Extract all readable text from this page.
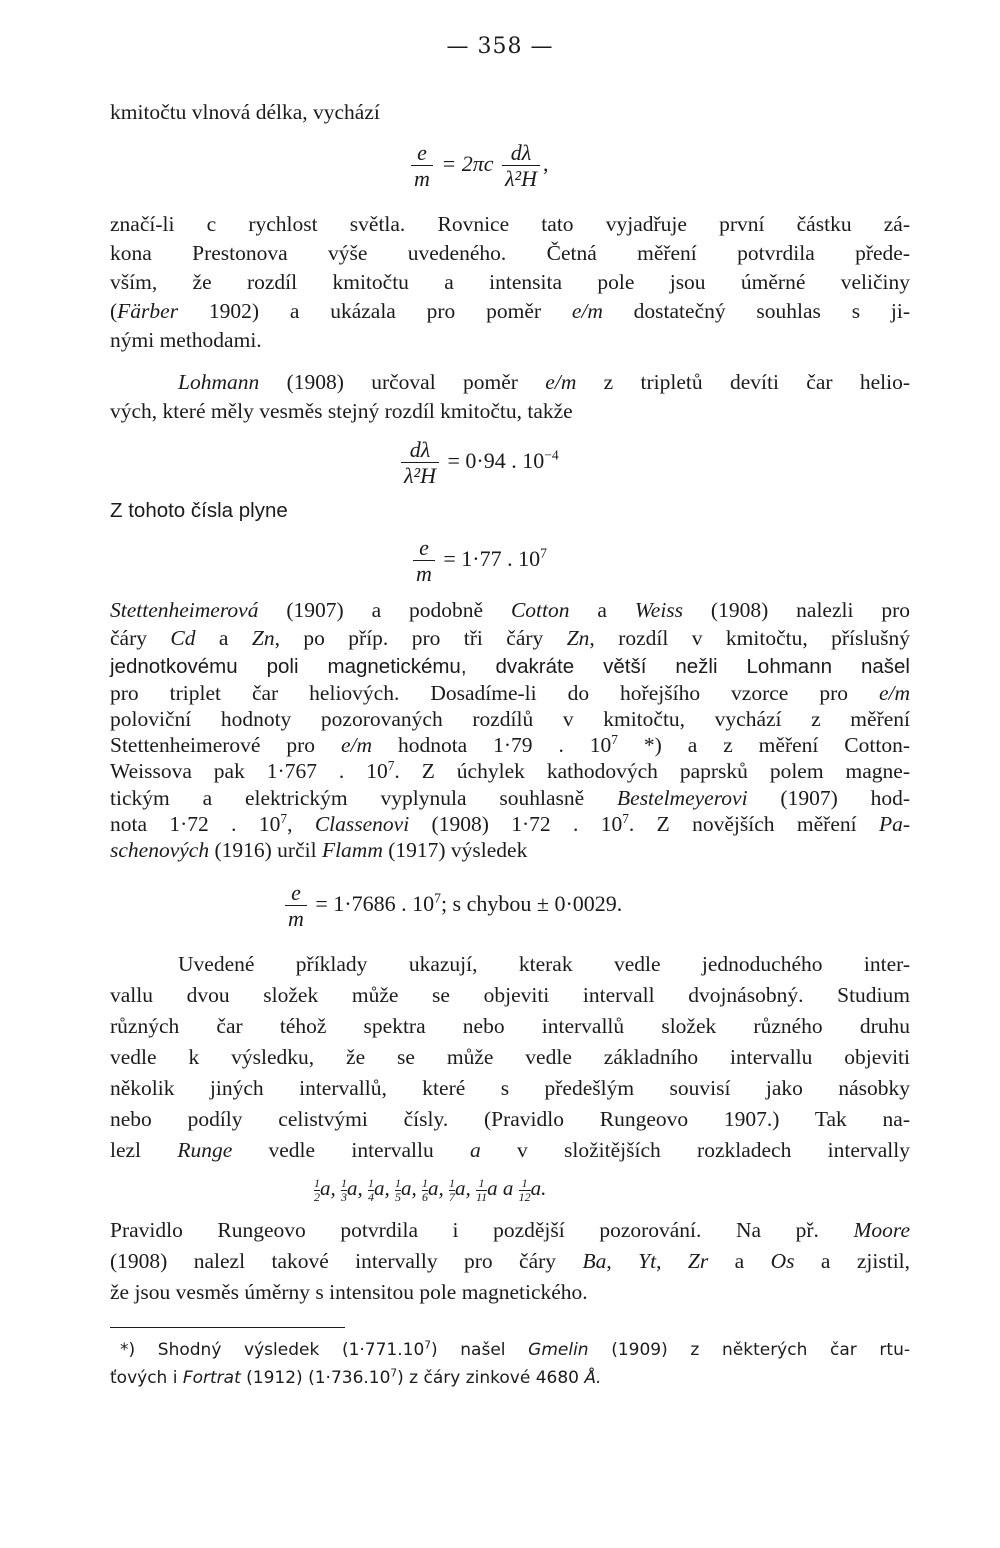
— 358 —
kmitočtu vlnová délka, vychází
$\frac{e}{m} = 2\pi c \frac{d\lambda}{\text{λ²H}}$ ,
značí-li c rychlost světla. Rovnice tato vyjadřuje první částku zá-
kona Prestonova výše uvedeného. Četná měření potvrdila přede-
vším, že rozdíl kmitočtu a intensita pole jsou úměrné veličiny
(Färber 1902) a ukázala pro poměr e/m dostatečný souhlas s ji-
nými methodami.
Lohmann (1908) určoval poměr e/m z tripletů devíti čar helio-
vých, které měly vesměs stejný rozdíl kmitočtu, takže
$\frac{d\lambda}{\text{λ²H}} = 0\cdot 94$ . $10^{-4}$
Z tohoto čísla plyne
$\frac{e}{m} = 1\cdot 77$ . $10^7$
Stettenheimerová (1907) a podobně Cotton a Weiss (1908) nalezli pro
čáry Cd a Zn, po příp. pro tři čáry Zn, rozdíl v kmitočtu, příslušný
jednotkovému poli magnetickému, dvakráte větší nežli Lohmann našel
pro triplet čar heliových. Dosadíme-li do hořejšího vzorce pro e/m
poloviční hodnoty pozorovaných rozdílů v kmitočtu, vychází z měření
Stettenheimerové pro e/m hodnota 1·79 . $10^7$ *) a z měření Cotton-
Weissova pak 1·767 . $10^7$. Z úchylek kathodových paprsků polem magne-
tickým a elektrickým vyplynula souhlasně Bestelmeyerovi (1907) hod-
nota 1·72 . $10^7$, Classenovi (1908) 1·72 . $10^7$. Z novějších měření Pa-
schenových (1916) určil Flamm (1917) výsledek
$\frac{e}{m} = 1\cdot 7686$ . $10^7$; s chybou ± 0·0029.
Uvedené příklady ukazují, kterak vedle jednoduchého inter-
vallu dvou složek může se objeviti intervall dvojnásobný. Studium
různých čar téhož spektra nebo intervallů složek různého druhu
vedle k výsledku, že se může vedle základního intervallu objeviti
několik jiných intervallů, které s předešlým souvisí jako násobky
nebo podíly celistvými čísly. (Pravidlo Rungeovo 1907.) Tak na-
lezl Runge vedle intervallu a v složitějších rozkladech intervally
$\frac{1}{2} a$, $\frac{1}{3} a$, $\frac{1}{4} a$, $\frac{1}{5} a$, $\frac{1}{6} a$, $\frac{1}{7} a$, $\frac{1}{11}$ a a $\frac{1}{12} a$.
Pravidlo Rungeovo potvrdila i pozdější pozorování. Na př. Moore
(1908) nalezl takové intervally pro čáry Ba, Yt, Zr a Os a zjistil,
že jsou vesměs úměrny s intensitou pole magnetického.
*) Shodný výsledek $(1\cdot 771.10^7)$ našel Gmelin (1909) z některých čar rtu-
ťových i Fortrat (1912) $(1\cdot 736.10^7)$ z čáry zinkové 4680 Å.
